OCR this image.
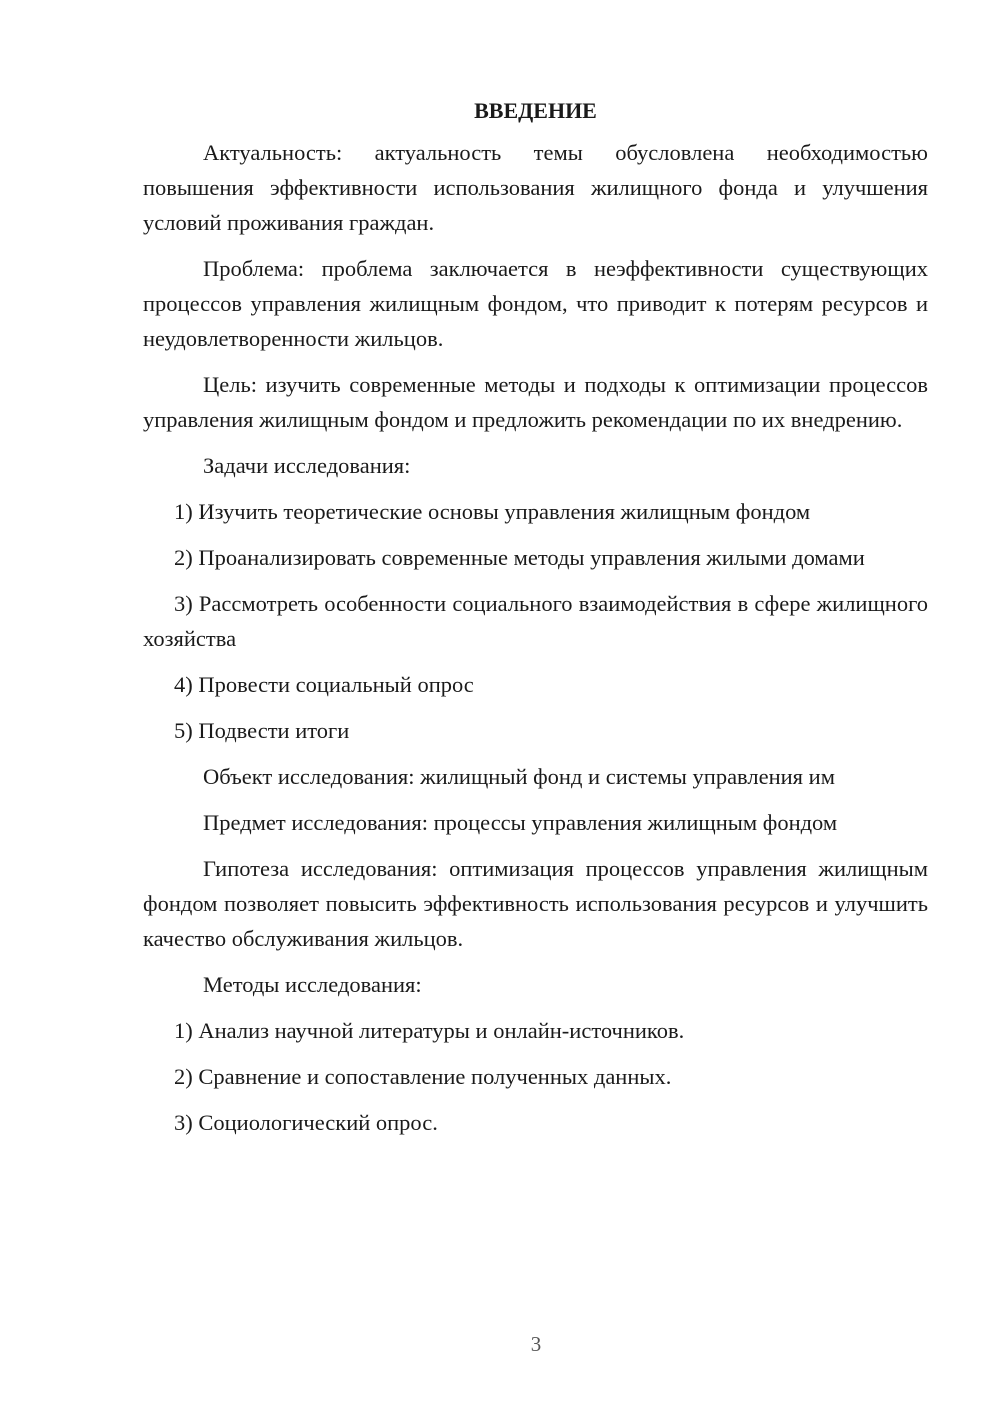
ВВЕДЕНИЕ

Актуальность: актуальность темы обусловлена необходимостью повышения эффективности использования жилищного фонда и улучшения условий проживания граждан.

Проблема: проблема заключается в неэффективности существующих процессов управления жилищным фондом, что приводит к потерям ресурсов и неудовлетворенности жильцов.

Цель: изучить современные методы и подходы к оптимизации процессов управления жилищным фондом и предложить рекомендации по их внедрению.

Задачи исследования:

1) Изучить теоретические основы управления жилищным фондом

2) Проанализировать современные методы управления жилыми домами

3) Рассмотреть особенности социального взаимодействия в сфере жилищного хозяйства

4) Провести социальный опрос

5) Подвести итоги

Объект исследования: жилищный фонд и системы управления им

Предмет исследования: процессы управления жилищным фондом

Гипотеза исследования: оптимизация процессов управления жилищным фондом позволяет повысить эффективность использования ресурсов и улучшить качество обслуживания жильцов.

Методы исследования:

1) Анализ научной литературы и онлайн-источников.

2) Сравнение и сопоставление полученных данных.

3) Социологический опрос.

3
